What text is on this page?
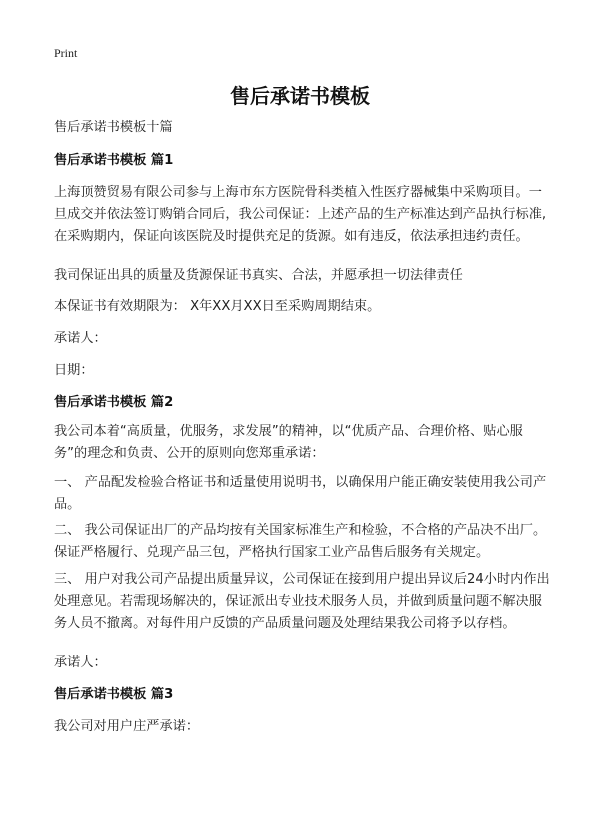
Print
售后承诺书模板

售后承诺书模板十篇

售后承诺书模板 篇1

上海顶赞贸易有限公司参与上海市东方医院骨科类植入性医疗器械集中采购项目。一旦成交并依法签订购销合同后，我公司保证：上述产品的生产标准达到产品执行标准,在采购期内，保证向该医院及时提供充足的货源。如有违反，依法承担违约责任。

我司保证出具的质量及货源保证书真实、合法，并愿承担一切法律责任

本保证书有效期限为： X年XX月XX日至采购周期结束。

承诺人：

日期：

售后承诺书模板 篇2

我公司本着“高质量，优服务，求发展”的精神，以“优质产品、合理价格、贴心服务”的理念和负责、公开的原则向您郑重承诺：

一、 产品配发检验合格证书和适量使用说明书，以确保用户能正确安装使用我公司产品。

二、 我公司保证出厂的产品均按有关国家标准生产和检验，不合格的产品决不出厂。保证严格履行、兑现产品三包，严格执行国家工业产品售后服务有关规定。

三、 用户对我公司产品提出质量异议，公司保证在接到用户提出异议后24小时内作出处理意见。若需现场解决的，保证派出专业技术服务人员，并做到质量问题不解决服务人员不撤离。对每件用户反馈的产品质量问题及处理结果我公司将予以存档。

承诺人：

售后承诺书模板 篇3

我公司对用户庄严承诺：
